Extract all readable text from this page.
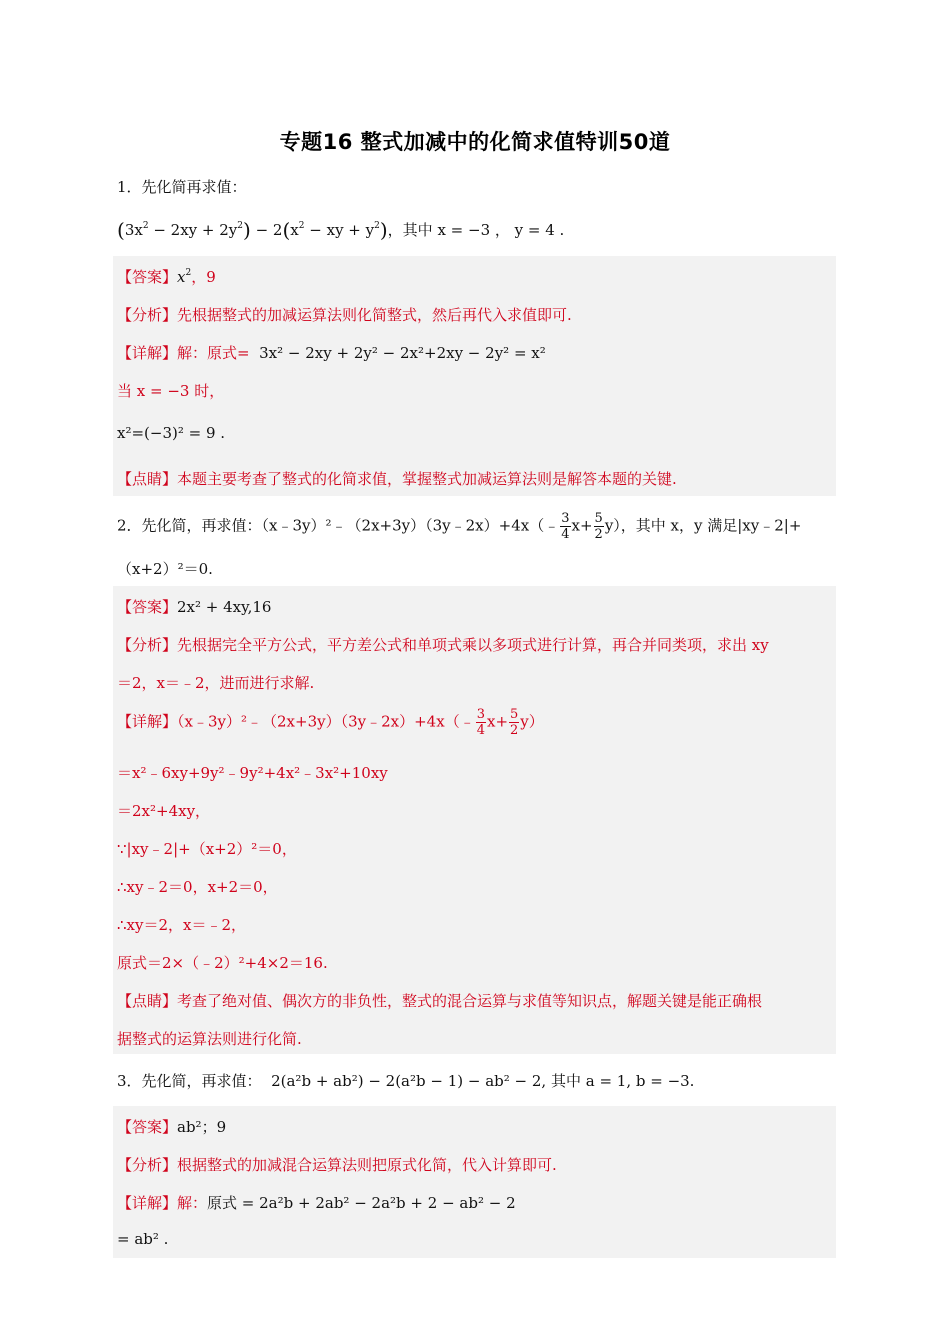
专题16 整式加减中的化简求值特训50道
1．先化简再求值：
$(3x^2 - 2xy + 2y^2) - 2(x^2$ − xy + $y^2$)，其中 x = −3 ， y = 4 .
【答案】$x^2$，9
【分析】先根据整式的加减运算法则化简整式，然后再代入求值即可.
【详解】解：原式= 3x² − 2xy + 2y² − 2x²+2xy − 2y² = x²
当 x = −3 时，
x²=(−3)² = 9 .
【点睛】本题主要考查了整式的化简求值，掌握整式加减运算法则是解答本题的关键.
2．先化简，再求值：（x﹣3y）²﹣（2x+3y）（3y﹣2x）+4x（﹣ $\frac{3}{4} x+ \frac{5}{2} y$），其中 x，y 满足|xy﹣2|+
（x+2）²＝0.
【答案】2x² + 4xy,16
【分析】先根据完全平方公式，平方差公式和单项式乘以多项式进行计算，再合并同类项，求出 xy
＝2，x＝﹣2，进而进行求解.
【详解】（x﹣3y）²﹣（2x+3y）（3y﹣2x）+4x（﹣ $\frac{3}{4} x+ \frac{5}{2} y$）
＝x²﹣6xy+9y²﹣9y²+4x²﹣3x²+10xy
＝2x²+4xy，
∵|xy﹣2|+（x+2）²＝0，
∴xy﹣2＝0，x+2＝0，
∴xy＝2，x＝﹣2，
原式＝2×（﹣2）²+4×2＝16.
【点睛】考查了绝对值、偶次方的非负性，整式的混合运算与求值等知识点，解题关键是能正确根
据整式的运算法则进行化简.
3．先化简，再求值： 2(a²b + ab²) − 2(a²b − 1) − ab² − 2, 其中 a = 1, b = −3.
【答案】ab²；9
【分析】根据整式的加减混合运算法则把原式化简，代入计算即可.
【详解】解：原式 = 2a²b + 2ab² − 2a²b + 2 − ab² − 2
= ab² .
